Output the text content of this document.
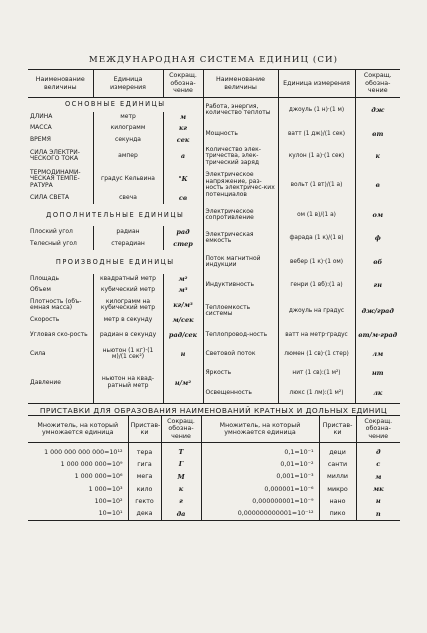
МЕЖДУНАРОДНАЯ СИСТЕМА ЕДИНИЦ (СИ)
Наименование величины	Единица измерения	Сокращ. обозна-чение	Наименование величины	Единица измерения	Сокращ. обозна-чение
ОСНОВНЫЕ ЕДИНИЦЫ			Работа, энергия, количество теплоты	джоуль (1 н)·(1 м)	дж
ДЛИНА	метр	м			
МАССА	килограмм	кг	Мощность	ватт (1 дж)/(1 сек)	вт
ВРЕМЯ	секунда	сек			
СИЛА ЭЛЕКТРИ-ЧЕСКОГО ТОКА	ампер	а	Количество элек-тричества, элек-трический заряд	кулон (1 а)·(1 сек)	к
ТЕРМОДИНАМИ-ЧЕСКАЯ ТЕМПЕ-РАТУРА	градус Кельвина	°К	Электрическое напряжение, раз-ность электричес-ких потенциалов	вольт (1 вт)/(1 а)	в
СИЛА СВЕТА	свеча	св			
ДОПОЛНИТЕЛЬНЫЕ ЕДИНИЦЫ			Электрическое сопротивление	ом (1 в)/(1 а)	ом
Плоский угол	радиан	рад	Электрическая емкость	фарада (1 к)/(1 в)	ф
Телесный угол	стерадиан	стер			
ПРОИЗВОДНЫЕ ЕДИНИЦЫ			Поток магнитной индукции	вебер (1 к)·(1 ом)	вб
Площадь	квадратный метр	м²	Индуктивность	генри (1 вб):(1 а)	гн
Объем	кубический метр	м³			
Плотность (объ-емная масса)	килограмм на кубический метр	кг/м³	Теплоемкость системы	джоуль на градус	дж/град
Скорость	метр в секунду	м/сек			
Угловая ско-рость	радиан в секунду	рад/сек	Теплопровод-ность	ватт на метр·градус	вт/м·град
Сила	ньютон (1 кг)·(1 м)/(1 сек²)	н	Световой поток	люмен (1 св)·(1 стер)	лм
Давление	ньютон на квад-ратный метр	н/м²	Яркость	нит (1 св):(1 м²)	нт
			Освещенность	люкс (1 лм):(1 м²)	лк
ПРИСТАВКИ ДЛЯ ОБРАЗОВАНИЯ НАИМЕНОВАНИЙ КРАТНЫХ И ДОЛЬНЫХ ЕДИНИЦ
Множитель, на который умножается единица	Пристав-ки	Сокращ. обозна-чение	Множитель, на который умножается единица	Пристав-ки	Сокращ. обозна-чение
1 000 000 000 000=10¹²	тера	Т	0,1=10⁻¹	деци	д
1 000 000 000=10⁹	гига	Г	0,01=10⁻²	санти	с
1 000 000=10⁶	мега	М	0,001=10⁻³	милли	м
1 000=10³	кило	к	0,000001=10⁻⁶	микро	мк
100=10²	гекто	г	0,000000001=10⁻⁹	нано	н
10=10¹	дека	да	0,000000000001=10⁻¹²	пико	п
